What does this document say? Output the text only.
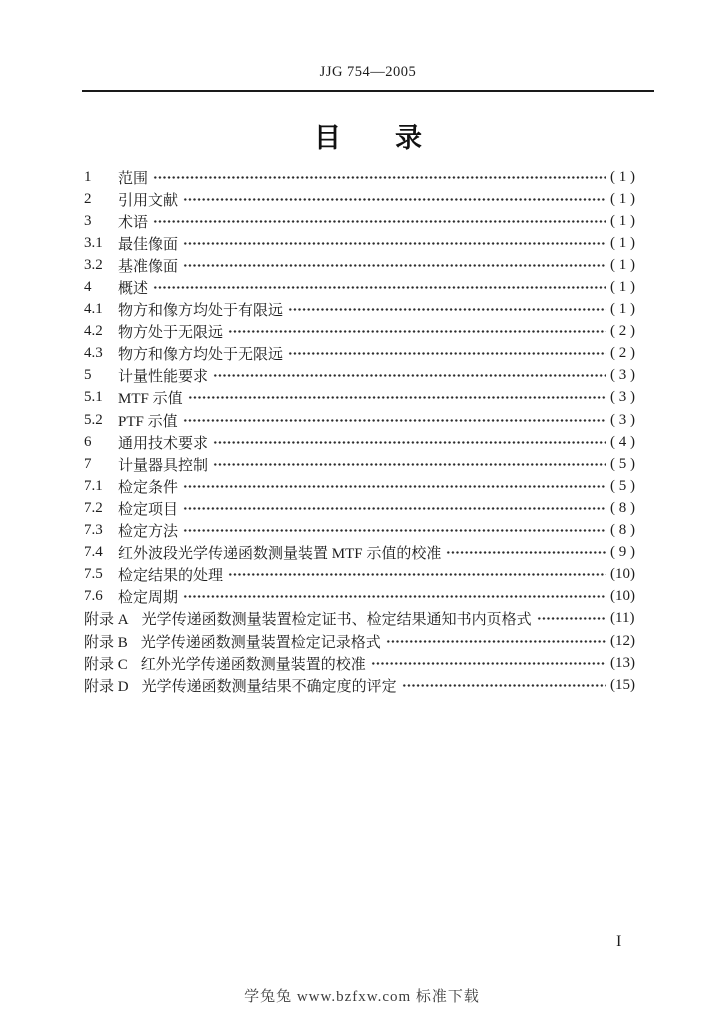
JJG 754—2005
目　　录
1	范围	( 1 )
2	引用文献	( 1 )
3	术语	( 1 )
3.1 最佳像面	( 1 )
3.2 基准像面	( 1 )
4	概述	( 1 )
4.1 物方和像方均处于有限远	( 1 )
4.2 物方处于无限远	( 2 )
4.3 物方和像方均处于无限远	( 2 )
5	计量性能要求	( 3 )
5.1 MTF 示值	( 3 )
5.2 PTF 示值	( 3 )
6	通用技术要求	( 4 )
7	计量器具控制	( 5 )
7.1 检定条件	( 5 )
7.2 检定项目	( 8 )
7.3 检定方法	( 8 )
7.4 红外波段光学传递函数测量装置 MTF 示值的校准	( 9 )
7.5 检定结果的处理	(10)
7.6 检定周期	(10)
附录 A 光学传递函数测量装置检定证书、检定结果通知书内页格式	(11)
附录 B 光学传递函数测量装置检定记录格式	(12)
附录 C 红外光学传递函数测量装置的校准	(13)
附录 D 光学传递函数测量结果不确定度的评定	(15)
I
学兔兔 www.bzfxw.com 标准下载
